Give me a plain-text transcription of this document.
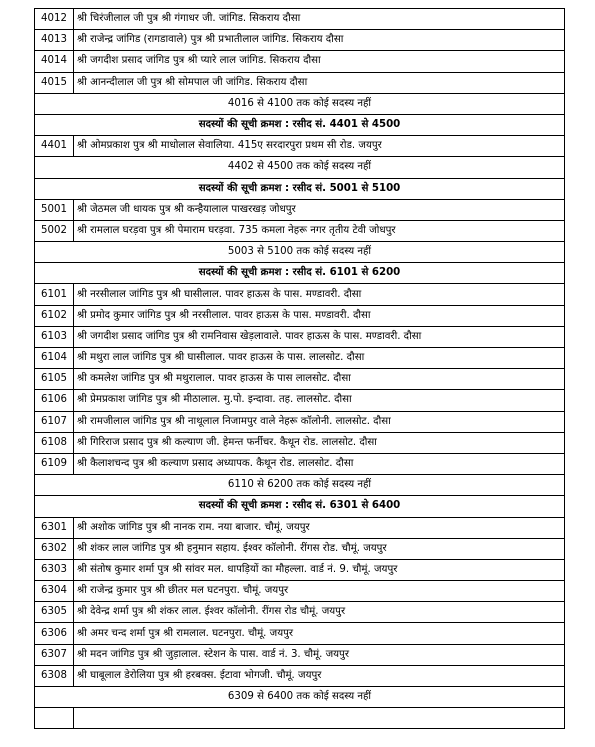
4012	श्री चिरंजीलाल जी पुत्र श्री गंगाधर जी. जांगिड. सिकराय दौसा
4013	श्री राजेन्द्र जांगिड (रागडावाले) पुत्र श्री प्रभातीलाल जांगिड. सिकराय दौसा
4014	श्री जगदीश प्रसाद जांगिड पुत्र श्री प्यारे लाल जांगिड. सिकराय दौसा
4015	श्री आनन्दीलाल जी पुत्र श्री सोमपाल जी जांगिड. सिकराय दौसा
4016 से 4100 तक कोई सदस्य नहीं	
सदस्यों की सूची क्रमश : रसीद सं. 4401 से 4500	
4401	श्री ओमप्रकाश पुत्र श्री माधोलाल सेवालिया. 415ए सरदारपुरा प्रथम सी रोड. जयपुर
4402 से 4500 तक कोई सदस्य नहीं	
सदस्यों की सूची क्रमश : रसीद सं. 5001 से 5100	
5001	श्री जेठमल जी धायक पुत्र श्री कन्हैयालाल पाखरखड़ जोधपुर
5002	श्री रामलाल घरड़वा पुत्र श्री पेमाराम घरड़वा. 735 कमला नेहरू नगर तृतीय टेवी जोधपुर
5003 से 5100 तक कोई सदस्य नहीं	
सदस्यों की सूची क्रमश : रसीद सं. 6101 से 6200	
6101	श्री नरसीलाल जांगिड पुत्र श्री घासीलाल. पावर हाऊस के पास. मण्डावरी. दौसा
6102	श्री प्रमोद कुमार जांगिड पुत्र श्री नरसीलाल. पावर हाऊस के पास. मण्डावरी. दौसा
6103	श्री जगदीश प्रसाद जांगिड पुत्र श्री रामनिवास खेड़लावाले. पावर हाऊस के पास. मण्डावरी. दौसा
6104	श्री मथुरा लाल जांगिड पुत्र श्री घासीलाल. पावर हाऊस के पास. लालसोट. दौसा
6105	श्री कमलेश जांगिड पुत्र श्री मथुरालाल. पावर हाऊस के पास लालसोट. दौसा
6106	श्री प्रेमप्रकाश जांगिड पुत्र श्री मीठालाल. मु.पो. इन्दावा. तह. लालसोट. दौसा
6107	श्री रामजीलाल जांगिड पुत्र श्री नाथूलाल निजामपुर वाले नेहरू कॉलोनी. लालसोट. दौसा
6108	श्री गिरिराज प्रसाद पुत्र श्री कल्याण जी. हेमन्त फर्नीचर. कैथून रोड. लालसोट. दौसा
6109	श्री कैलाशचन्द पुत्र श्री कल्याण प्रसाद अध्यापक. कैथून रोड. लालसोट. दौसा
6110 से 6200 तक कोई सदस्य नहीं	
सदस्यों की सूची क्रमश : रसीद सं. 6301 से 6400	
6301	श्री अशोक जांगिड पुत्र श्री नानक राम. नया बाजार. चौमूं. जयपुर
6302	श्री शंकर लाल जांगिड पुत्र श्री हनुमान सहाय. ईश्वर कॉलोनी. रींगस रोड. चौमूं. जयपुर
6303	श्री संतोष कुमार शर्मा पुत्र श्री सांवर मल. धापड़ियों का मौहल्ला. वार्ड नं. 9. चौमूं. जयपुर
6304	श्री राजेन्द्र कुमार पुत्र श्री छीतर मल घटनपुरा. चौमूं. जयपुर
6305	श्री देवेन्द्र शर्मा पुत्र श्री शंकर लाल. ईश्वर कॉलोनी. रींगस रोड चौमूं. जयपुर
6306	श्री अमर चन्द शर्मा पुत्र श्री रामलाल. घटनपुरा. चौमूं. जयपुर
6307	श्री मदन जांगिड पुत्र श्री जुड़ालाल. स्टेशन के पास. वार्ड नं. 3. चौमूं. जयपुर
6308	श्री घाबूलाल डेरोलिया पुत्र श्री हरबक्स. ईटावा भोगजी. चौमूं. जयपुर
6309 से 6400 तक कोई सदस्य नहीं	
